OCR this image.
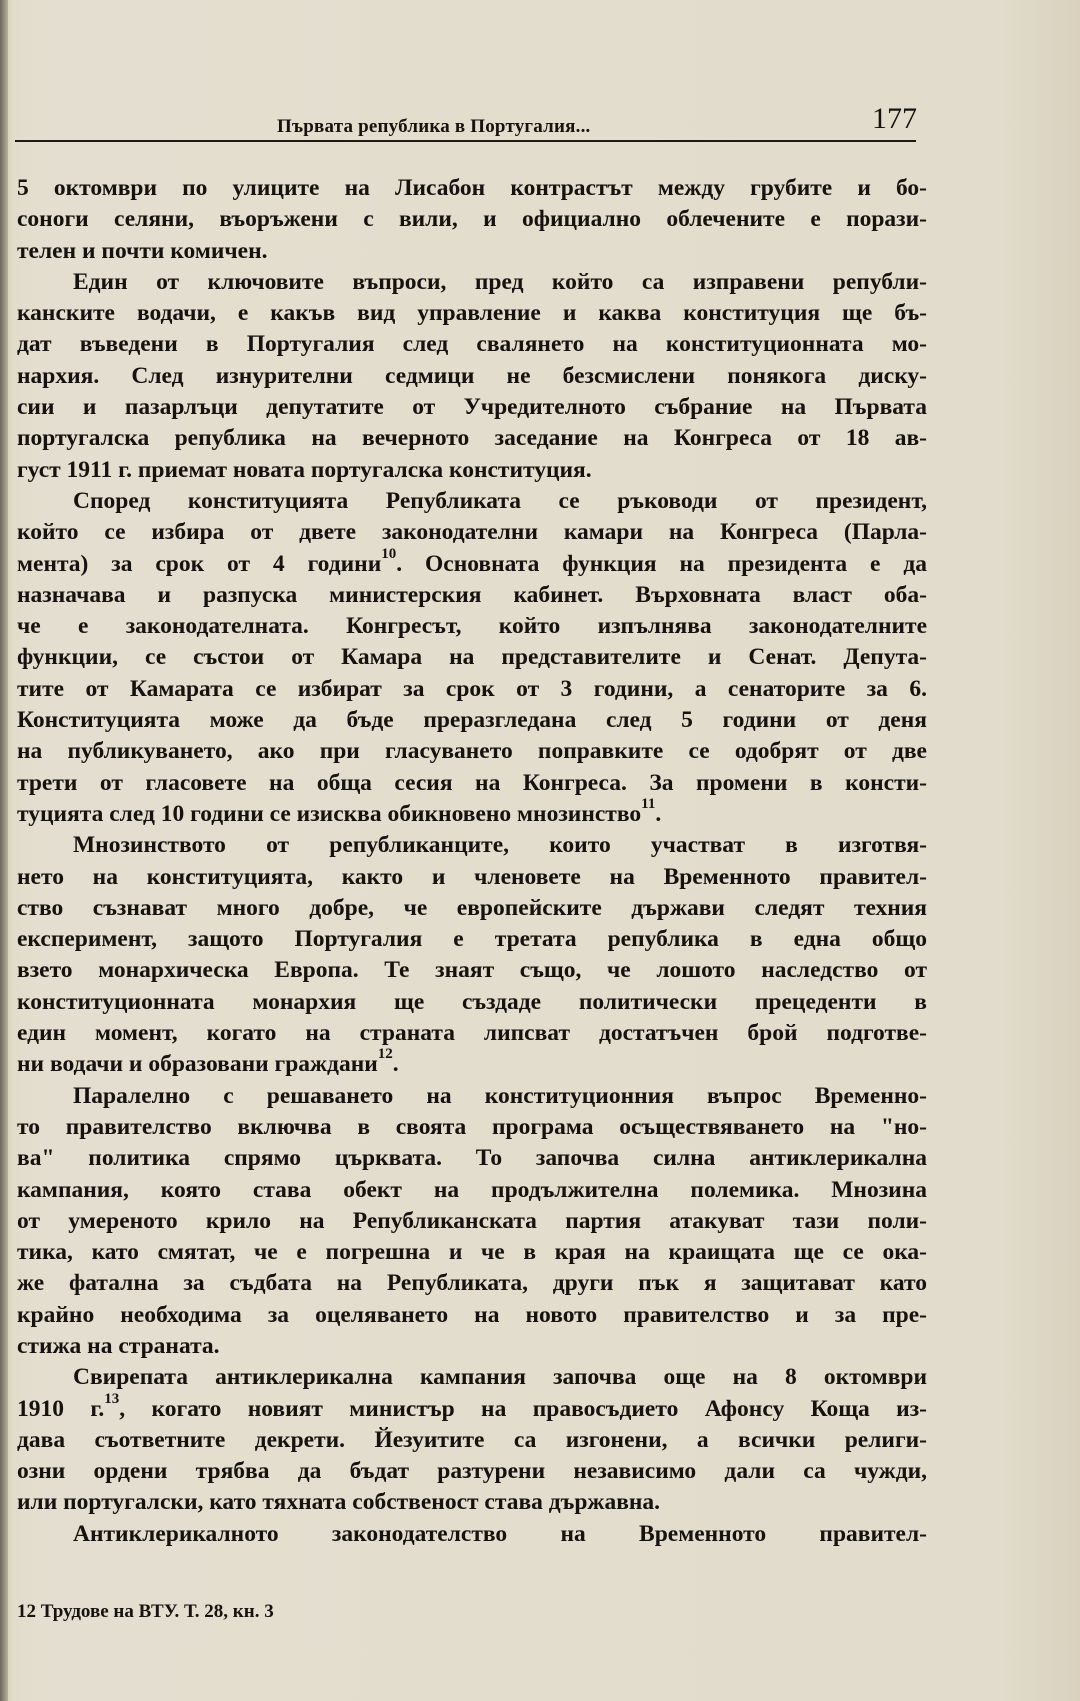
Първата република в Португалия...	177
5 октомври по улиците на Лисабон контрастът между грубите и бо-
соноги селяни, въоръжени с вили, и официално облечените е порази-
телен и почти комичен.
Един от ключовите въпроси, пред който са изправени републи-
канските водачи, е какъв вид управление и каква конституция ще бъ-
дат въведени в Португалия след свалянето на конституционната мо-
нархия. След изнурителни седмици не безсмислени понякога диску-
сии и пазарлъци депутатите от Учредителното събрание на Първата
португалска република на вечерното заседание на Конгреса от 18 ав-
густ 1911 г. приемат новата португалска конституция.
Според конституцията Републиката се ръководи от президент,
който се избира от двете законодателни камари на Конгреса (Парла-
мента) за срок от 4 години$^{10}$. Основната функция на президента е да
назначава и разпуска министерския кабинет. Върховната власт оба-
че е законодателната. Конгресът, който изпълнява законодателните
функции, се състои от Камара на представителите и Сенат. Депута-
тите от Камарата се избират за срок от 3 години, а сенаторите за 6.
Конституцията може да бъде преразгледана след 5 години от деня
на публикуването, ако при гласуването поправките се одобрят от две
трети от гласовете на обща сесия на Конгреса. За промени в консти-
туцията след 10 години се изисква обикновено мнозинство$^{11}$.
Мнозинството от републиканците, които участват в изготвя-
нето на конституцията, както и членовете на Временното правител-
ство съзнават много добре, че европейските държави следят техния
експеримент, защото Португалия е третата република в една общо
взето монархическа Европа. Те знаят също, че лошото наследство от
конституционната монархия ще създаде политически прецеденти в
един момент, когато на страната липсват достатъчен брой подготве-
ни водачи и образовани граждани$^{12}$.
Паралелно с решаването на конституционния въпрос Временно-
то правителство включва в своята програма осъществяването на "но-
ва" политика спрямо църквата. То започва силна антиклерикална
кампания, която става обект на продължителна полемика. Мнозина
от умереното крило на Републиканската партия атакуват тази поли-
тика, като смятат, че е погрешна и че в края на краищата ще се ока-
же фатална за съдбата на Републиката, други пък я защитават като
крайно необходима за оцеляването на новото правителство и за пре-
стижа на страната.
Свирепата антиклерикална кампания започва още на 8 октомври
1910 г.$^{13}$, когато новият министър на правосъдието Афонсу Коща из-
дава съответните декрети. Йезуитите са изгонени, а всички религи-
озни ордени трябва да бъдат разтурени независимо дали са чужди,
или португалски, като тяхната собственост става държавна.
Антиклерикалното законодателство на Временното правител-
12 Трудове на ВТУ. Т. 28, кн. 3
